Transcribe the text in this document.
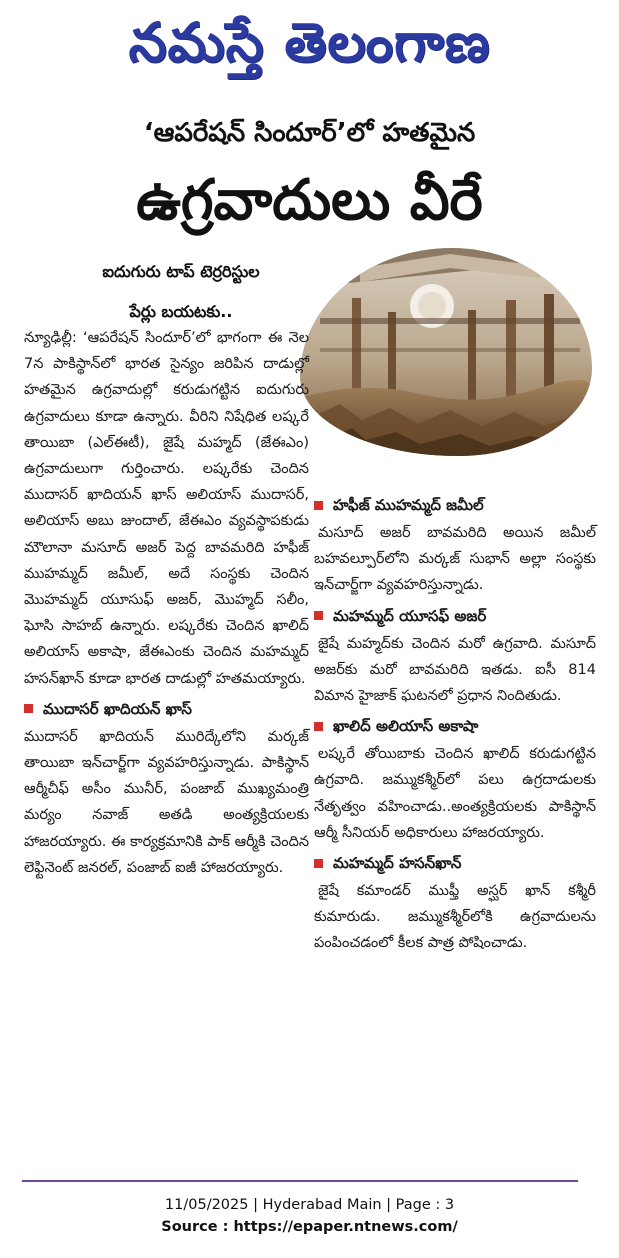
నమస్తే తెలంగాణ
‘ఆపరేషన్ సిందూర్’లో హతమైన
ఉగ్రవాదులు వీరే
ఐదుగురు టాప్ టెర్రరిస్టుల
పేర్లు బయటకు..

న్యూఢిల్లీ: ‘ఆపరేషన్ సిందూర్’లో భాగంగా ఈ నెల 7న పాకిస్థాన్‌లో భారత సైన్యం జరిపిన దాడుల్లో హతమైన ఉగ్రవాదుల్లో కరుడుగట్టిన ఐదుగురు ఉగ్రవాదులు కూడా ఉన్నారు. వీరిని నిషేధిత లష్కరే తాయిబా (ఎల్ఈటీ), జైషే మహ్మద్ (జేఈఎం) ఉగ్రవాదులుగా గుర్తించారు. లష్కరేకు చెందిన ముదాసర్ ఖాదియన్ ఖాస్ అలియాస్ ముదాసర్, అలియాస్ అబు జుందాల్, జేఈఎం వ్యవస్థాపకుడు మౌలానా మసూద్ అజర్ పెద్ద బావమరిది హఫీజ్ ముహమ్మద్ జమీల్, అదే సంస్థకు చెందిన మొహమ్మద్ యూసుఫ్ అజర్, మొహ్మద్ సలీం, ఘోసి సాహబ్ ఉన్నారు. లష్కరేకు చెందిన ఖాలిద్ అలియాస్ అకాషా, జేఈఎంకు చెందిన మహమ్మద్ హసన్‌ఖాన్ కూడా భారత దాడుల్లో హతమయ్యారు.

ముదాసర్ ఖాదియన్ ఖాస్

ముదాసర్ ఖాదియన్ మురిద్కేలోని మర్కజ్ తాయిబా ఇన్‌చార్జ్‌గా వ్యవహరిస్తున్నాడు. పాకిస్థాన్ ఆర్మీచీఫ్ అసీం మునీర్, పంజాబ్ ముఖ్యమంత్రి మర్యం నవాజ్ అతడి అంత్యక్రియలకు హాజరయ్యారు. ఈ కార్యక్రమానికి పాక్ ఆర్మీకి చెందిన లెఫ్టినెంట్ జనరల్, పంజాబ్ ఐజీ హాజరయ్యారు.

హఫీజ్ ముహమ్మద్ జమీల్

మసూద్ అజర్ బావమరిది అయిన జమీల్ బహవల్పూర్‌లోని మర్కజ్ సుభాన్ అల్లా సంస్థకు ఇన్‌చార్జ్‌గా వ్యవహరిస్తున్నాడు.

మహమ్మద్ యూసఫ్ అజర్

జైషే మహ్మద్‌కు చెందిన మరో ఉగ్రవాది. మసూద్ అజర్‌కు మరో బావమరిది ఇతడు. ఐసీ 814 విమాన హైజాక్ ఘటనలో ప్రధాన నిందితుడు.

ఖాలిద్ అలియాస్ అకాషా

లష్కరే తోయిబాకు చెందిన ఖాలిద్ కరుడుగట్టిన ఉగ్రవాది. జమ్ముకశ్మీర్‌లో పలు ఉగ్రదాడులకు నేతృత్వం వహించాడు..అంత్యక్రియలకు పాకిస్థాన్ ఆర్మీ సీనియర్ అధికారులు హాజరయ్యారు.

మహమ్మద్ హసన్‌ఖాన్

జైషే కమాండర్ ముఫ్తీ అస్ఘర్ ఖాన్ కశ్మీరీ కుమారుడు. జమ్ముకశ్మీర్‌లోకి ఉగ్రవాదులను పంపించడంలో కీలక పాత్ర పోషించాడు.

11/05/2025 | Hyderabad Main | Page : 3
Source : https://epaper.ntnews.com/
